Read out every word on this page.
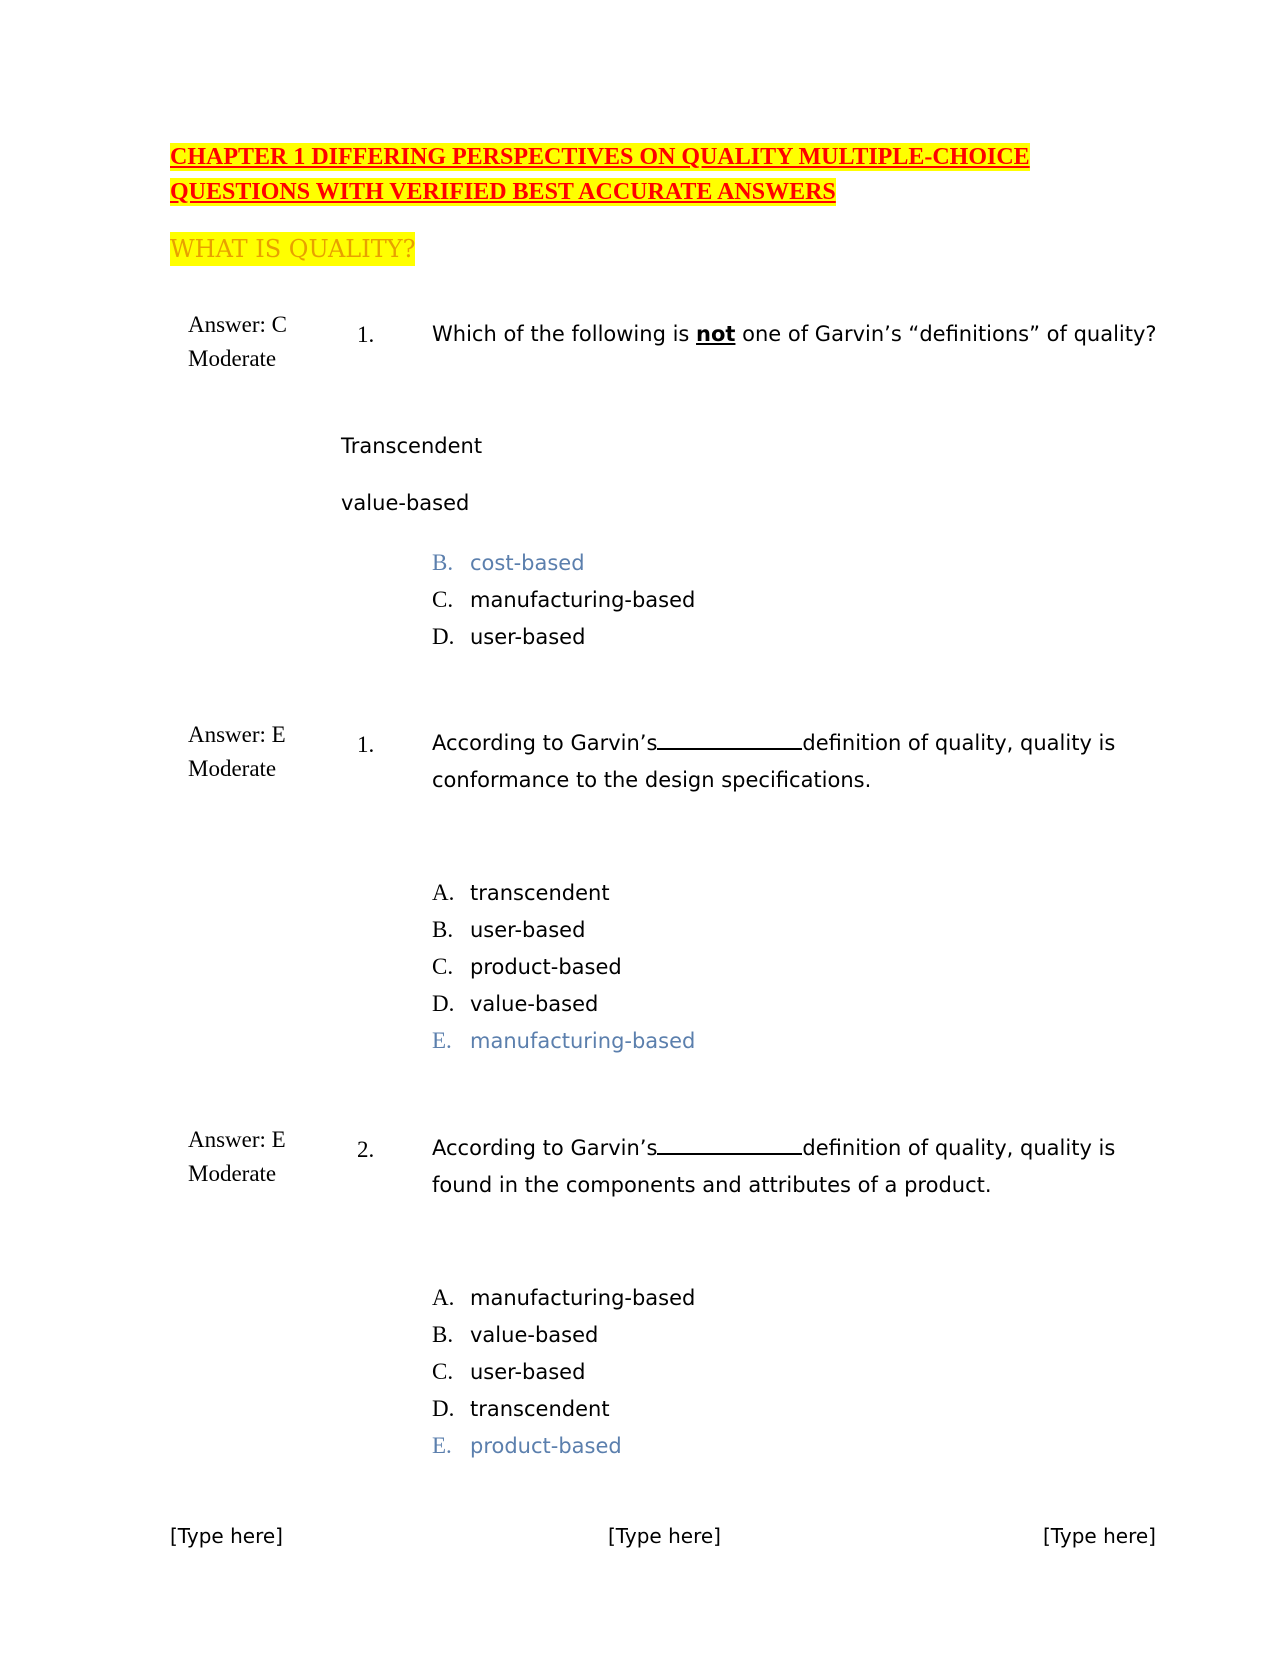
CHAPTER 1 DIFFERING PERSPECTIVES ON QUALITY MULTIPLE-CHOICE
QUESTIONS WITH VERIFIED BEST ACCURATE ANSWERS
WHAT IS QUALITY?
Answer: C
Moderate
1.	Which of the following is not one of Garvin’s “definitions” of quality?
Transcendent
value-based
B. cost-based
C. manufacturing-based
D. user-based
Answer: E
Moderate
1.	According to Garvin’s	definition of quality, quality is conformance to the design specifications.
A. transcendent
B. user-based
C. product-based
D. value-based
E. manufacturing-based
Answer: E
Moderate
2.	According to Garvin’s	definition of quality, quality is found in the components and attributes of a product.
A. manufacturing-based
B. value-based
C. user-based
D. transcendent
E. product-based
[Type here]	[Type here]	[Type here]
